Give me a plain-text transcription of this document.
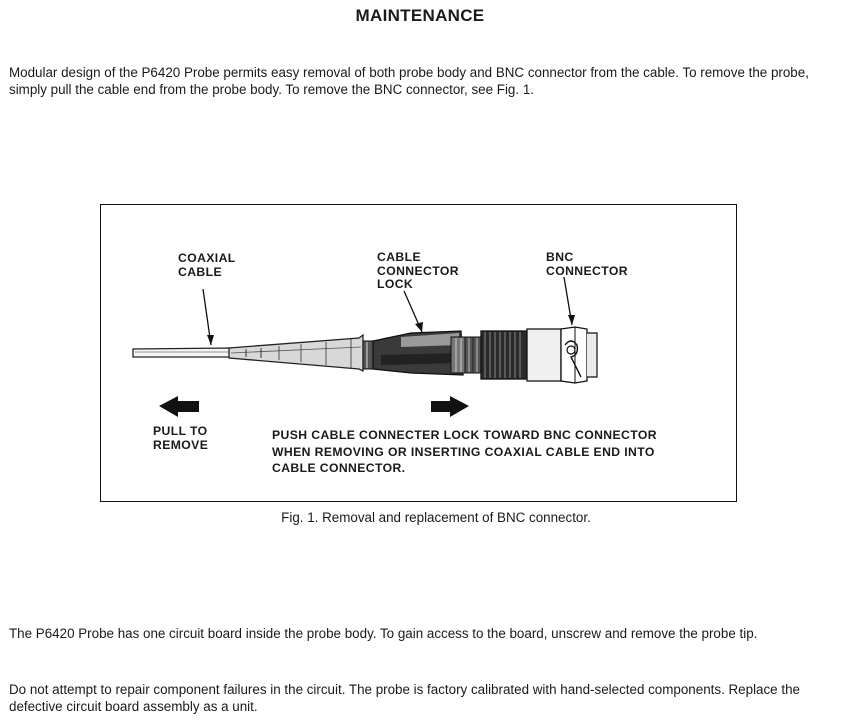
MAINTENANCE
Modular design of the P6420 Probe permits easy removal of both probe body and BNC connector from the cable. To remove the probe, simply pull the cable end from the probe body. To remove the BNC connector, see Fig. 1.
COAXIAL
CABLE
CABLE
CONNECTOR
LOCK
BNC
CONNECTOR
PULL TO
REMOVE
PUSH CABLE CONNECTER LOCK TOWARD BNC CONNECTOR
WHEN REMOVING OR INSERTING COAXIAL CABLE END INTO
CABLE CONNECTOR.
Fig. 1. Removal and replacement of BNC connector.
The P6420 Probe has one circuit board inside the probe body. To gain access to the board, unscrew and remove the probe tip.
Do not attempt to repair component failures in the circuit. The probe is factory calibrated with hand-selected components. Replace the defective circuit board assembly as a unit.
